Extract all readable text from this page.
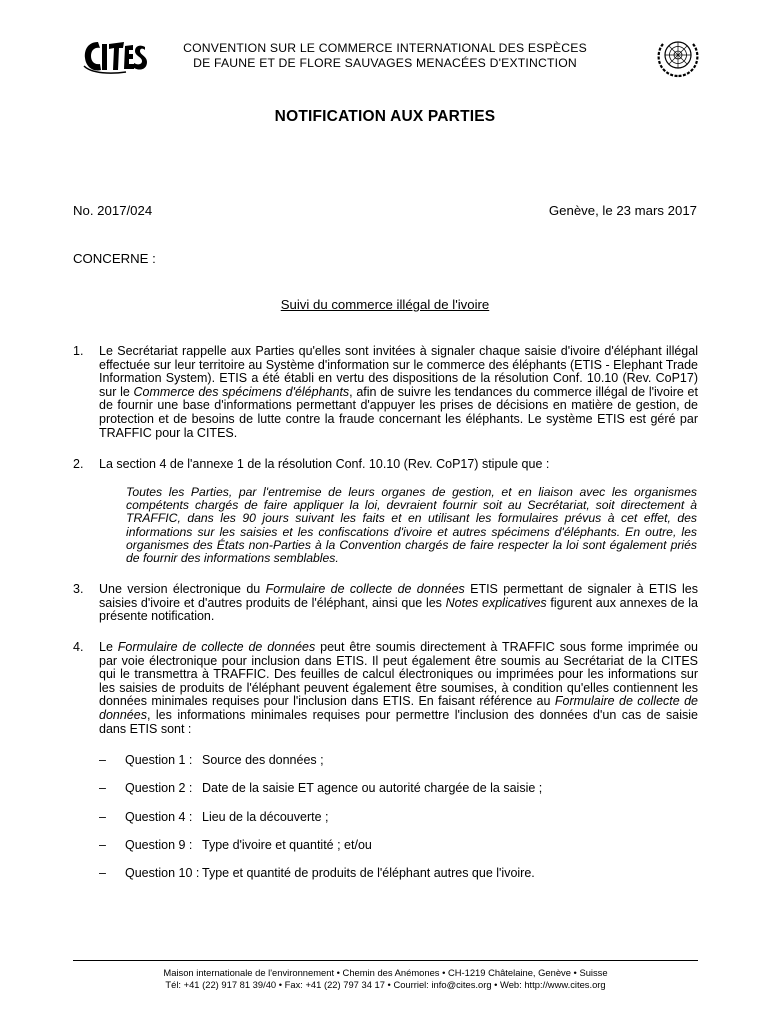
CONVENTION SUR LE COMMERCE INTERNATIONAL DES ESPÈCES
DE FAUNE ET DE FLORE SAUVAGES MENACÉES D'EXTINCTION
NOTIFICATION AUX PARTIES
No. 2017/024	Genève, le 23 mars 2017
CONCERNE :
Suivi du commerce illégal de l'ivoire
1. Le Secrétariat rappelle aux Parties qu'elles sont invitées à signaler chaque saisie d'ivoire d'éléphant illégal effectuée sur leur territoire au Système d'information sur le commerce des éléphants (ETIS - Elephant Trade Information System). ETIS a été établi en vertu des dispositions de la résolution Conf. 10.10 (Rev. CoP17) sur le Commerce des spécimens d'éléphants, afin de suivre les tendances du commerce illégal de l'ivoire et de fournir une base d'informations permettant d'appuyer les prises de décisions en matière de gestion, de protection et de besoins de lutte contre la fraude concernant les éléphants. Le système ETIS est géré par TRAFFIC pour la CITES.
2. La section 4 de l'annexe 1 de la résolution Conf. 10.10 (Rev. CoP17) stipule que :
Toutes les Parties, par l'entremise de leurs organes de gestion, et en liaison avec les organismes compétents chargés de faire appliquer la loi, devraient fournir soit au Secrétariat, soit directement à TRAFFIC, dans les 90 jours suivant les faits et en utilisant les formulaires prévus à cet effet, des informations sur les saisies et les confiscations d'ivoire et autres spécimens d'éléphants. En outre, les organismes des États non-Parties à la Convention chargés de faire respecter la loi sont également priés de fournir des informations semblables.
3. Une version électronique du Formulaire de collecte de données ETIS permettant de signaler à ETIS les saisies d'ivoire et d'autres produits de l'éléphant, ainsi que les Notes explicatives figurent aux annexes de la présente notification.
4. Le Formulaire de collecte de données peut être soumis directement à TRAFFIC sous forme imprimée ou par voie électronique pour inclusion dans ETIS. Il peut également être soumis au Secrétariat de la CITES qui le transmettra à TRAFFIC. Des feuilles de calcul électroniques ou imprimées pour les informations sur les saisies de produits de l'éléphant peuvent également être soumises, à condition qu'elles contiennent les données minimales requises pour l'inclusion dans ETIS. En faisant référence au Formulaire de collecte de données, les informations minimales requises pour permettre l'inclusion des données d'un cas de saisie dans ETIS sont :
– Question 1 : Source des données ;
– Question 2 : Date de la saisie ET agence ou autorité chargée de la saisie ;
– Question 4 : Lieu de la découverte ;
– Question 9 : Type d'ivoire et quantité ; et/ou
– Question 10 : Type et quantité de produits de l'éléphant autres que l'ivoire.
Maison internationale de l'environnement • Chemin des Anémones • CH-1219 Châtelaine, Genève • Suisse
Tél: +41 (22) 917 81 39/40 • Fax: +41 (22) 797 34 17 • Courriel: info@cites.org • Web: http://www.cites.org
